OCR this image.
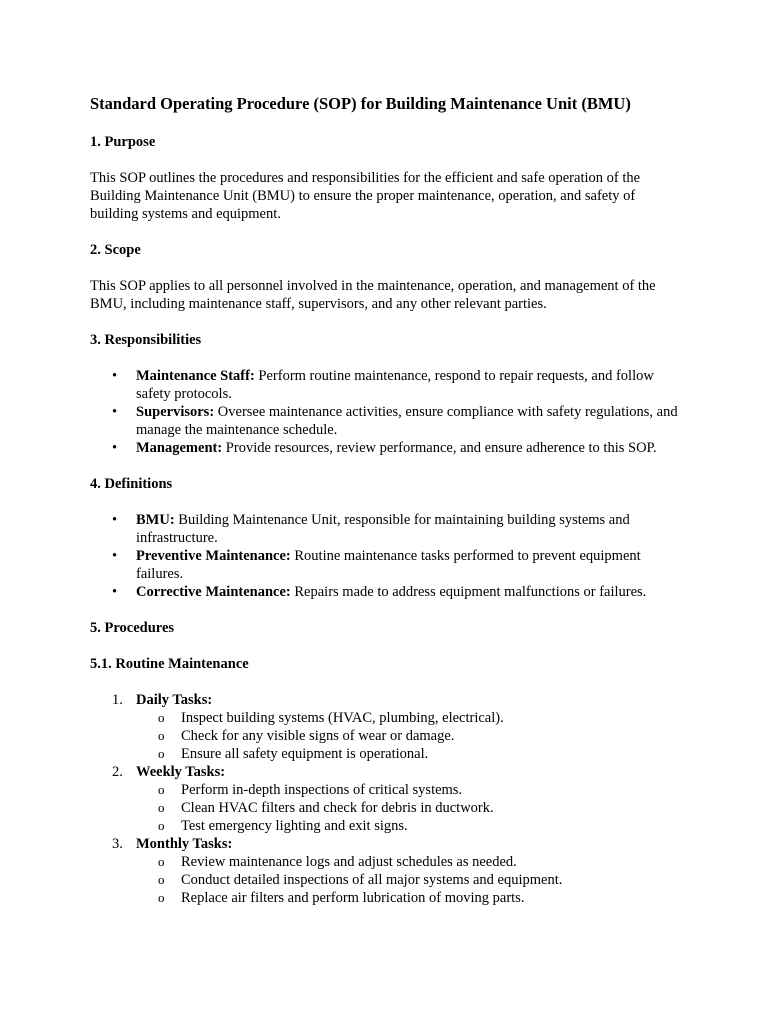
Standard Operating Procedure (SOP) for Building Maintenance Unit (BMU)
1. Purpose

This SOP outlines the procedures and responsibilities for the efficient and safe operation of the Building Maintenance Unit (BMU) to ensure the proper maintenance, operation, and safety of building systems and equipment.

2. Scope

This SOP applies to all personnel involved in the maintenance, operation, and management of the BMU, including maintenance staff, supervisors, and any other relevant parties.

3. Responsibilities
• Maintenance Staff: Perform routine maintenance, respond to repair requests, and follow safety protocols.
• Supervisors: Oversee maintenance activities, ensure compliance with safety regulations, and manage the maintenance schedule.
• Management: Provide resources, review performance, and ensure adherence to this SOP.
4. Definitions
• BMU: Building Maintenance Unit, responsible for maintaining building systems and infrastructure.
• Preventive Maintenance: Routine maintenance tasks performed to prevent equipment failures.
• Corrective Maintenance: Repairs made to address equipment malfunctions or failures.
5. Procedures
5.1. Routine Maintenance
1. Daily Tasks:
o Inspect building systems (HVAC, plumbing, electrical).
o Check for any visible signs of wear or damage.
o Ensure all safety equipment is operational.
2. Weekly Tasks:
o Perform in-depth inspections of critical systems.
o Clean HVAC filters and check for debris in ductwork.
o Test emergency lighting and exit signs.
3. Monthly Tasks:
o Review maintenance logs and adjust schedules as needed.
o Conduct detailed inspections of all major systems and equipment.
o Replace air filters and perform lubrication of moving parts.
